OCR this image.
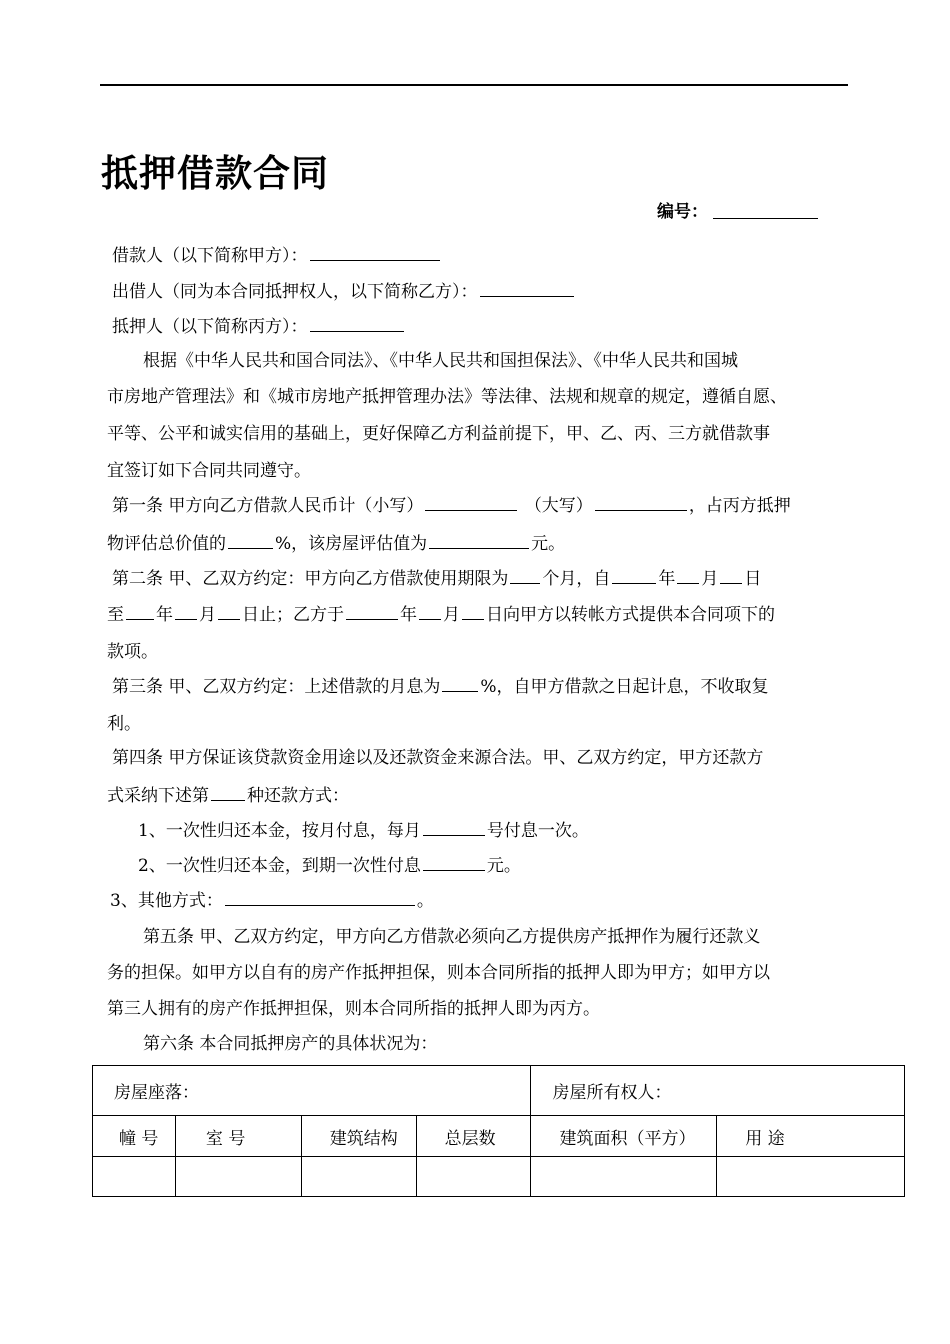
抵押借款合同
编号：
借款人（以下简称甲方）：
出借人（同为本合同抵押权人，以下简称乙方）：
抵押人（以下简称丙方）：
根据《中华人民共和国合同法》、《中华人民共和国担保法》、《中华人民共和国城
市房地产管理法》和《城市房地产抵押管理办法》等法律、法规和规章的规定，遵循自愿、
平等、公平和诚实信用的基础上，更好保障乙方利益前提下，甲、乙、丙、三方就借款事
宜签订如下合同共同遵守。
第一条 甲方向乙方借款人民币计（小写）	（大写）	，占丙方抵押
物评估总价值的	%，该房屋评估值为	元。
第二条 甲、乙双方约定：甲方向乙方借款使用期限为 个月，自	年 月 日
至 年 月 日止；乙方于	年 月 日向甲方以转帐方式提供本合同项下的
款项。
第三条 甲、乙双方约定：上述借款的月息为 %，自甲方借款之日起计息，不收取复
利。
第四条 甲方保证该贷款资金用途以及还款资金来源合法。甲、乙双方约定，甲方还款方
式采纳下述第 种还款方式：
1、一次性归还本金，按月付息，每月	号付息一次。
2、一次性归还本金，到期一次性付息	元。
3、其他方式：	。
第五条 甲、乙双方约定，甲方向乙方借款必须向乙方提供房产抵押作为履行还款义
务的担保。如甲方以自有的房产作抵押担保，则本合同所指的抵押人即为甲方；如甲方以
第三人拥有的房产作抵押担保，则本合同所指的抵押人即为丙方。
第六条 本合同抵押房产的具体状况为：
房屋座落：				房屋所有权人：	
幢 号	室 号	建筑结构	总层数	建筑面积（平方）	用 途
